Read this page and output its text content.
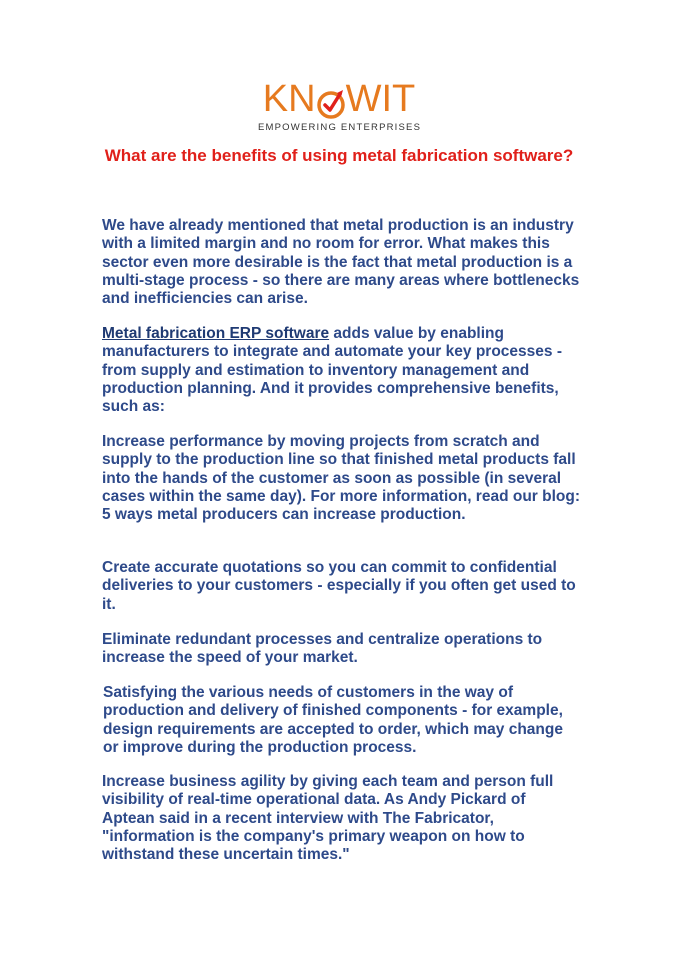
K N WIT
EMPOWERING ENTERPRISES
What are the benefits of using metal fabrication software?

We have already mentioned that metal production is an industry with a limited margin and no room for error. What makes this sector even more desirable is the fact that metal production is a multi-stage process - so there are many areas where bottlenecks and inefficiencies can arise.

Metal fabrication ERP software adds value by enabling manufacturers to integrate and automate your key processes - from supply and estimation to inventory management and production planning. And it provides comprehensive benefits, such as:

Increase performance by moving projects from scratch and supply to the production line so that finished metal products fall into the hands of the customer as soon as possible (in several cases within the same day). For more information, read our blog: 5 ways metal producers can increase production.

Create accurate quotations so you can commit to confidential deliveries to your customers - especially if you often get used to it.

Eliminate redundant processes and centralize operations to increase the speed of your market.

Satisfying the various needs of customers in the way of production and delivery of finished components - for example, design requirements are accepted to order, which may change or improve during the production process.

Increase business agility by giving each team and person full visibility of real-time operational data. As Andy Pickard of Aptean said in a recent interview with The Fabricator, "information is the company's primary weapon on how to withstand these uncertain times."
